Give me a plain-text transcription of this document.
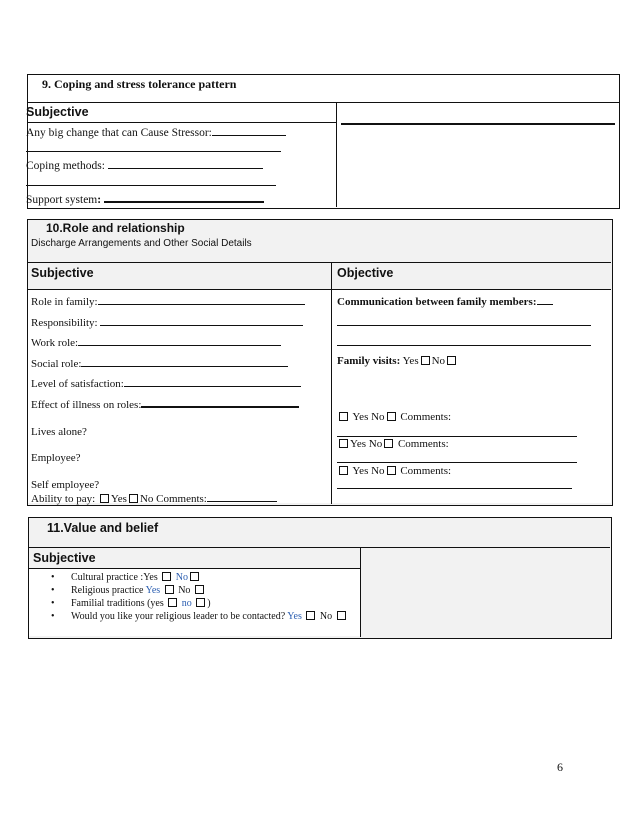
9. Coping and stress tolerance pattern
Subjective
Any big change that can Cause Stressor:
Coping methods:
Support system:
10.Role and relationship
Discharge Arrangements and Other Social Details
Subjective	Objective
Role in family:
Responsibility:
Work role:
Social role:
Level of satisfaction:
Effect of illness on roles:
Lives alone?
Employee?
Self employee?
Ability to pay: Yes No Comments:
Communication between family members:
Family visits: Yes No
Yes No Comments:
Yes No Comments:
Yes No Comments:
11.Value and belief
Subjective
• Cultural practice :Yes No
• Religious practice Yes No
• Familial traditions (yes no )
• Would you like your religious leader to be contacted? Yes No
6
